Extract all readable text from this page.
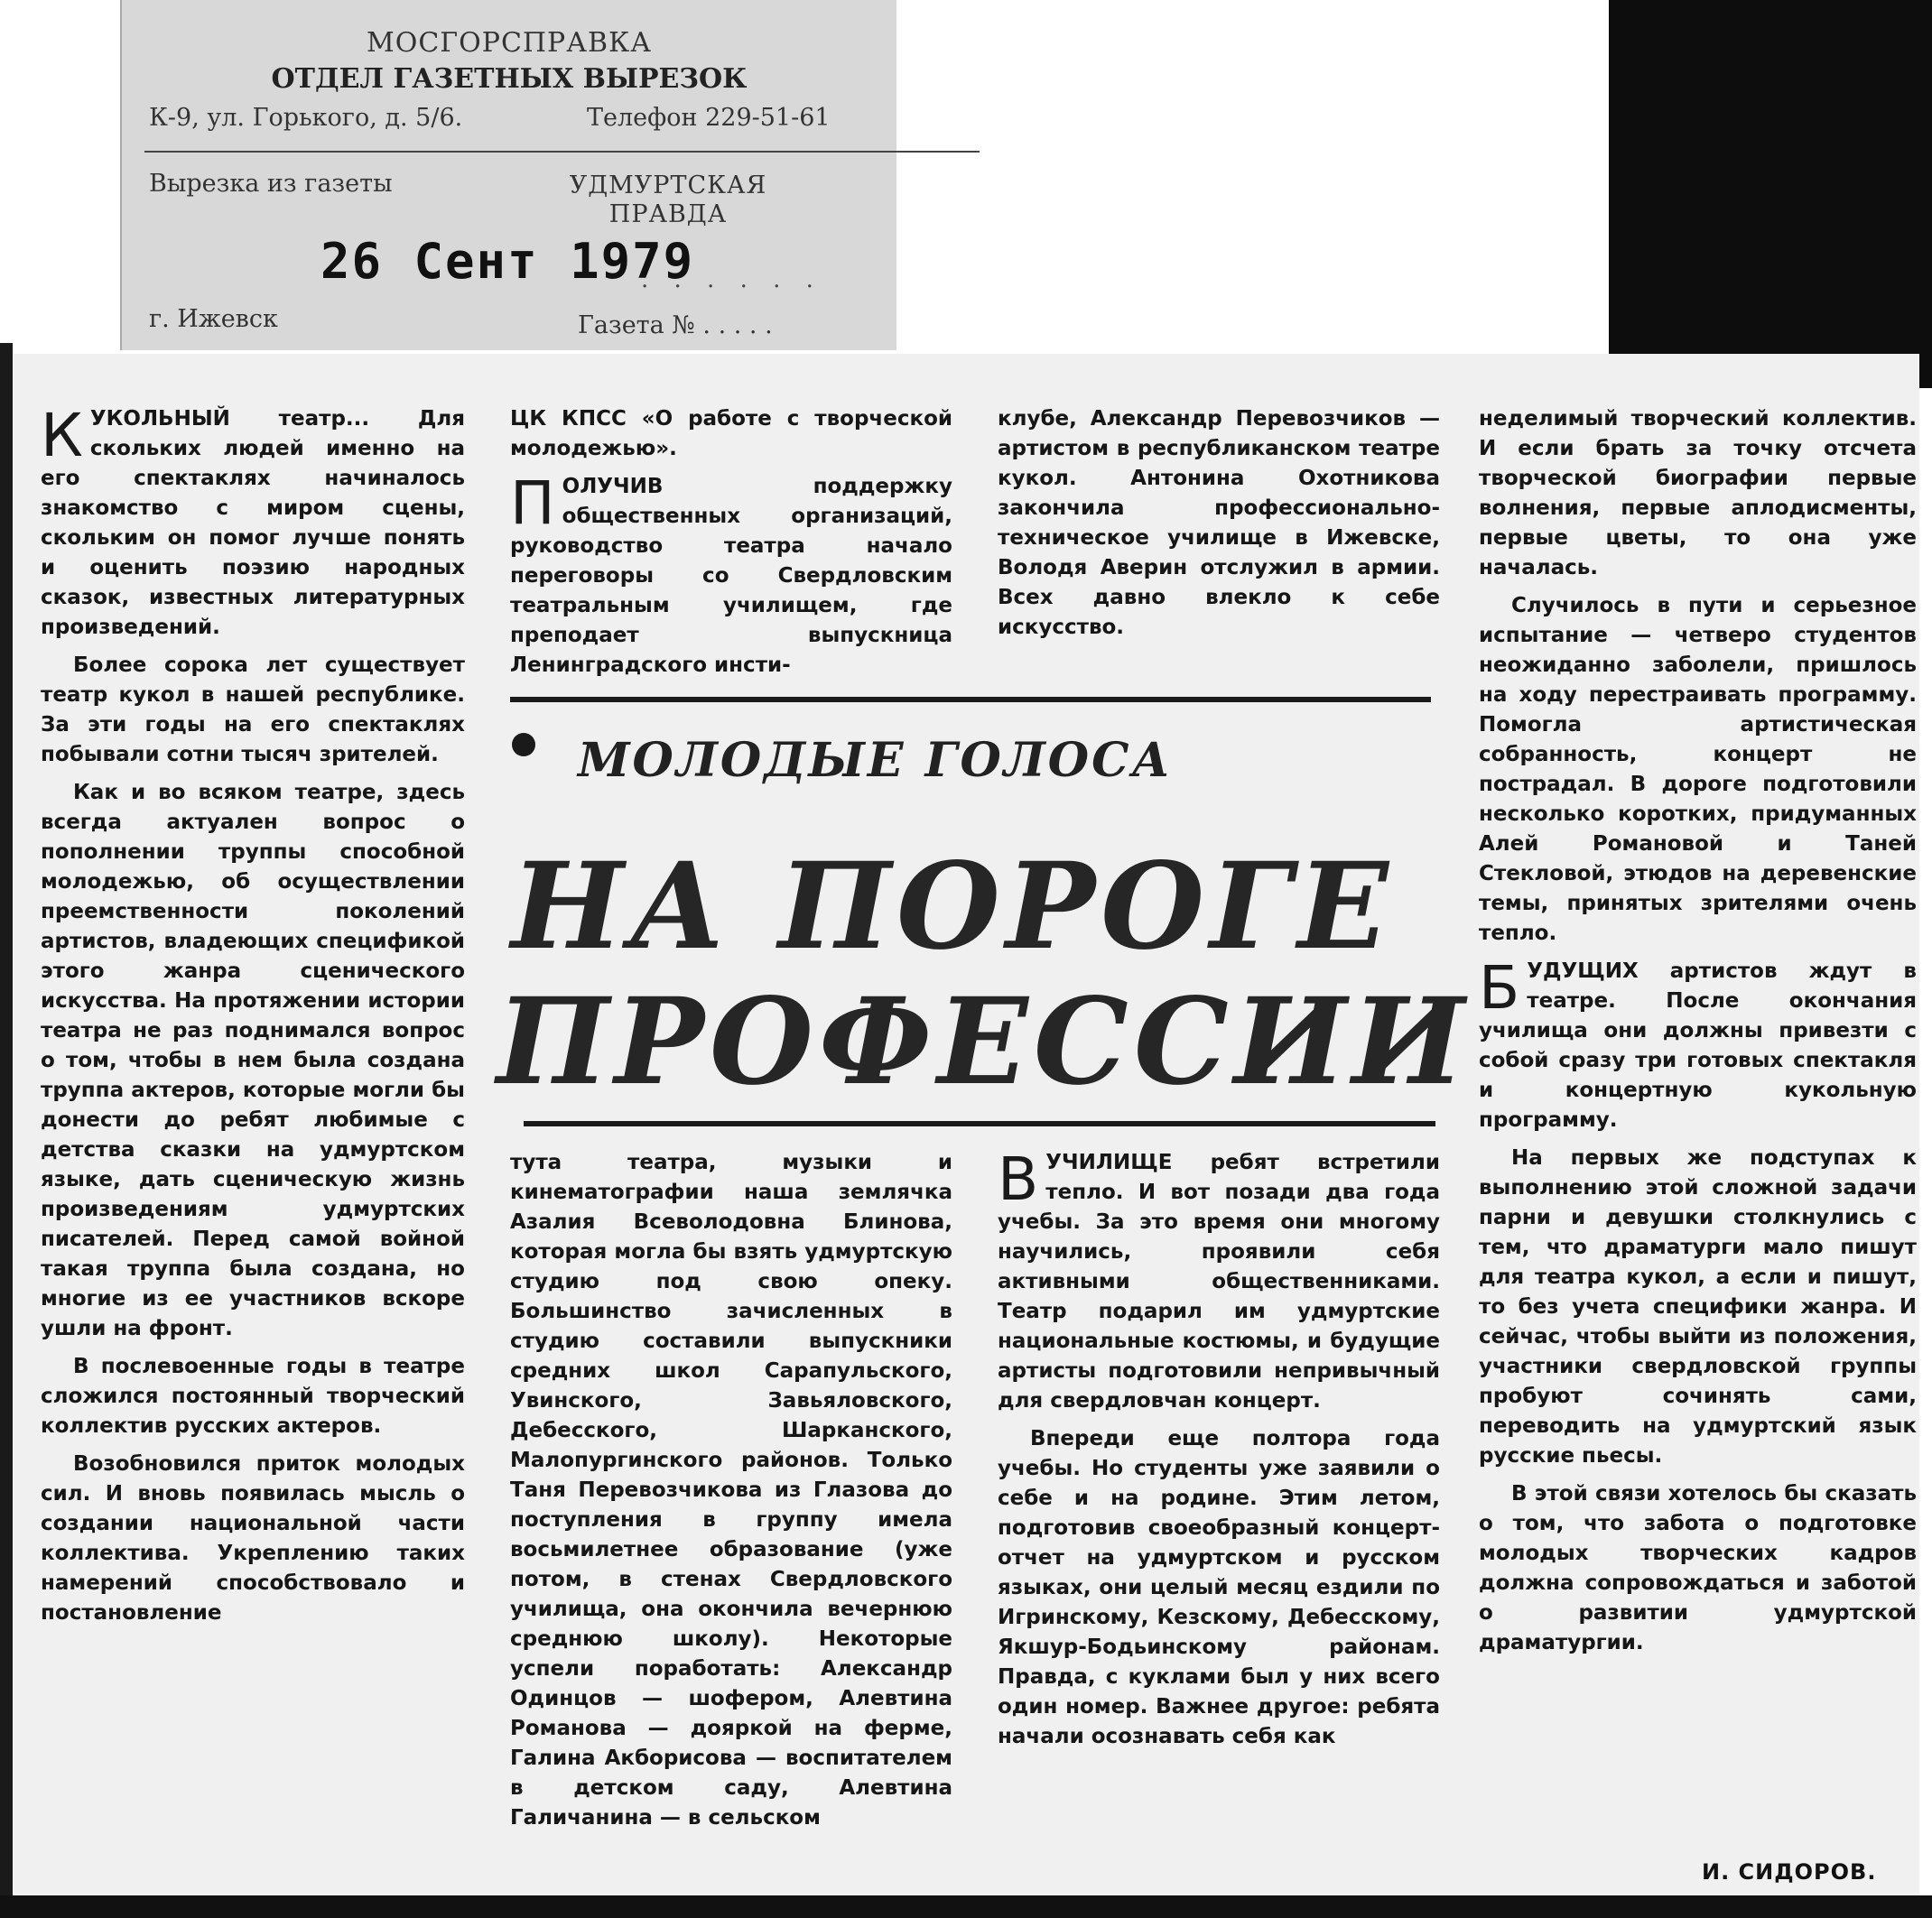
МОСГОРСПРАВКА
ОТДЕЛ ГАЗЕТНЫХ ВЫРЕЗОК
К-9, ул. Горького, д. 5/6.	Телефон 229-51-61
Вырезка из газеты	УДМУРТСКАЯ ПРАВДА
26 Сент 1979
. . . . . .
г. Ижевск	Газета № . . . . .

КУКОЛЬНЫЙ театр... Для скольких людей именно на его спектаклях начиналось знакомство с миром сцены, скольким он помог лучше понять и оценить поэзию народных сказок, известных литературных произведений.

Более сорока лет существует театр кукол в нашей республике. За эти годы на его спектаклях побывали сотни тысяч зрителей.

Как и во всяком театре, здесь всегда актуален вопрос о пополнении труппы способной молодежью, об осуществлении преемственности поколений артистов, владеющих спецификой этого жанра сценического искусства. На протяжении истории театра не раз поднимался вопрос о том, чтобы в нем была создана труппа актеров, которые могли бы донести до ребят любимые с детства сказки на удмуртском языке, дать сценическую жизнь произведениям удмуртских писателей. Перед самой войной такая труппа была создана, но многие из ее участников вскоре ушли на фронт.

В послевоенные годы в театре сложился постоянный творческий коллектив русских актеров.

Возобновился приток молодых сил. И вновь появилась мысль о создании национальной части коллектива. Укреплению таких намерений способствовало и постановление

ЦК КПСС «О работе с творческой молодежью».

ПОЛУЧИВ поддержку общественных организаций, руководство театра начало переговоры со Свердловским театральным училищем, где преподает выпускница Ленинградского инсти-

клубе, Александр Перевозчиков — артистом в республиканском театре кукол. Антонина Охотникова закончила профессионально-техническое училище в Ижевске, Володя Аверин отслужил в армии. Всех давно влекло к себе искусство.

МОЛОДЫЕ ГОЛОСА
НА ПОРОГЕ
ПРОФЕССИИ

тута театра, музыки и кинематографии наша землячка Азалия Всеволодовна Блинова, которая могла бы взять удмуртскую студию под свою опеку. Большинство зачисленных в студию составили выпускники средних школ Сарапульского, Увинского, Завьяловского, Дебесского, Шарканского, Малопургинского районов. Только Таня Перевозчикова из Глазова до поступления в группу имела восьмилетнее образование (уже потом, в стенах Свердловского училища, она окончила вечернюю среднюю школу). Некоторые успели поработать: Александр Одинцов — шофером, Алевтина Романова — дояркой на ферме, Галина Акборисова — воспитателем в детском саду, Алевтина Галичанина — в сельском

ВУЧИЛИЩЕ ребят встретили тепло. И вот позади два года учебы. За это время они многому научились, проявили себя активными общественниками. Театр подарил им удмуртские национальные костюмы, и будущие артисты подготовили непривычный для свердловчан концерт.

Впереди еще полтора года учебы. Но студенты уже заявили о себе и на родине. Этим летом, подготовив своеобразный концерт-отчет на удмуртском и русском языках, они целый месяц ездили по Игринскому, Кезскому, Дебесскому, Якшур-Бодьинскому районам. Правда, с куклами был у них всего один номер. Важнее другое: ребята начали осознавать себя как

неделимый творческий коллектив. И если брать за точку отсчета творческой биографии первые волнения, первые аплодисменты, первые цветы, то она уже началась.

Случилось в пути и серьезное испытание — четверо студентов неожиданно заболели, пришлось на ходу перестраивать программу. Помогла артистическая собранность, концерт не пострадал. В дороге подготовили несколько коротких, придуманных Алей Романовой и Таней Стекловой, этюдов на деревенские темы, принятых зрителями очень тепло.

БУДУЩИХ артистов ждут в театре. После окончания училища они должны привезти с собой сразу три готовых спектакля и концертную кукольную программу.

На первых же подступах к выполнению этой сложной задачи парни и девушки столкнулись с тем, что драматурги мало пишут для театра кукол, а если и пишут, то без учета специфики жанра. И сейчас, чтобы выйти из положения, участники свердловской группы пробуют сочинять сами, переводить на удмуртский язык русские пьесы.

В этой связи хотелось бы сказать о том, что забота о подготовке молодых творческих кадров должна сопровождаться и заботой о развитии удмуртской драматургии.

И. СИДОРОВ.
